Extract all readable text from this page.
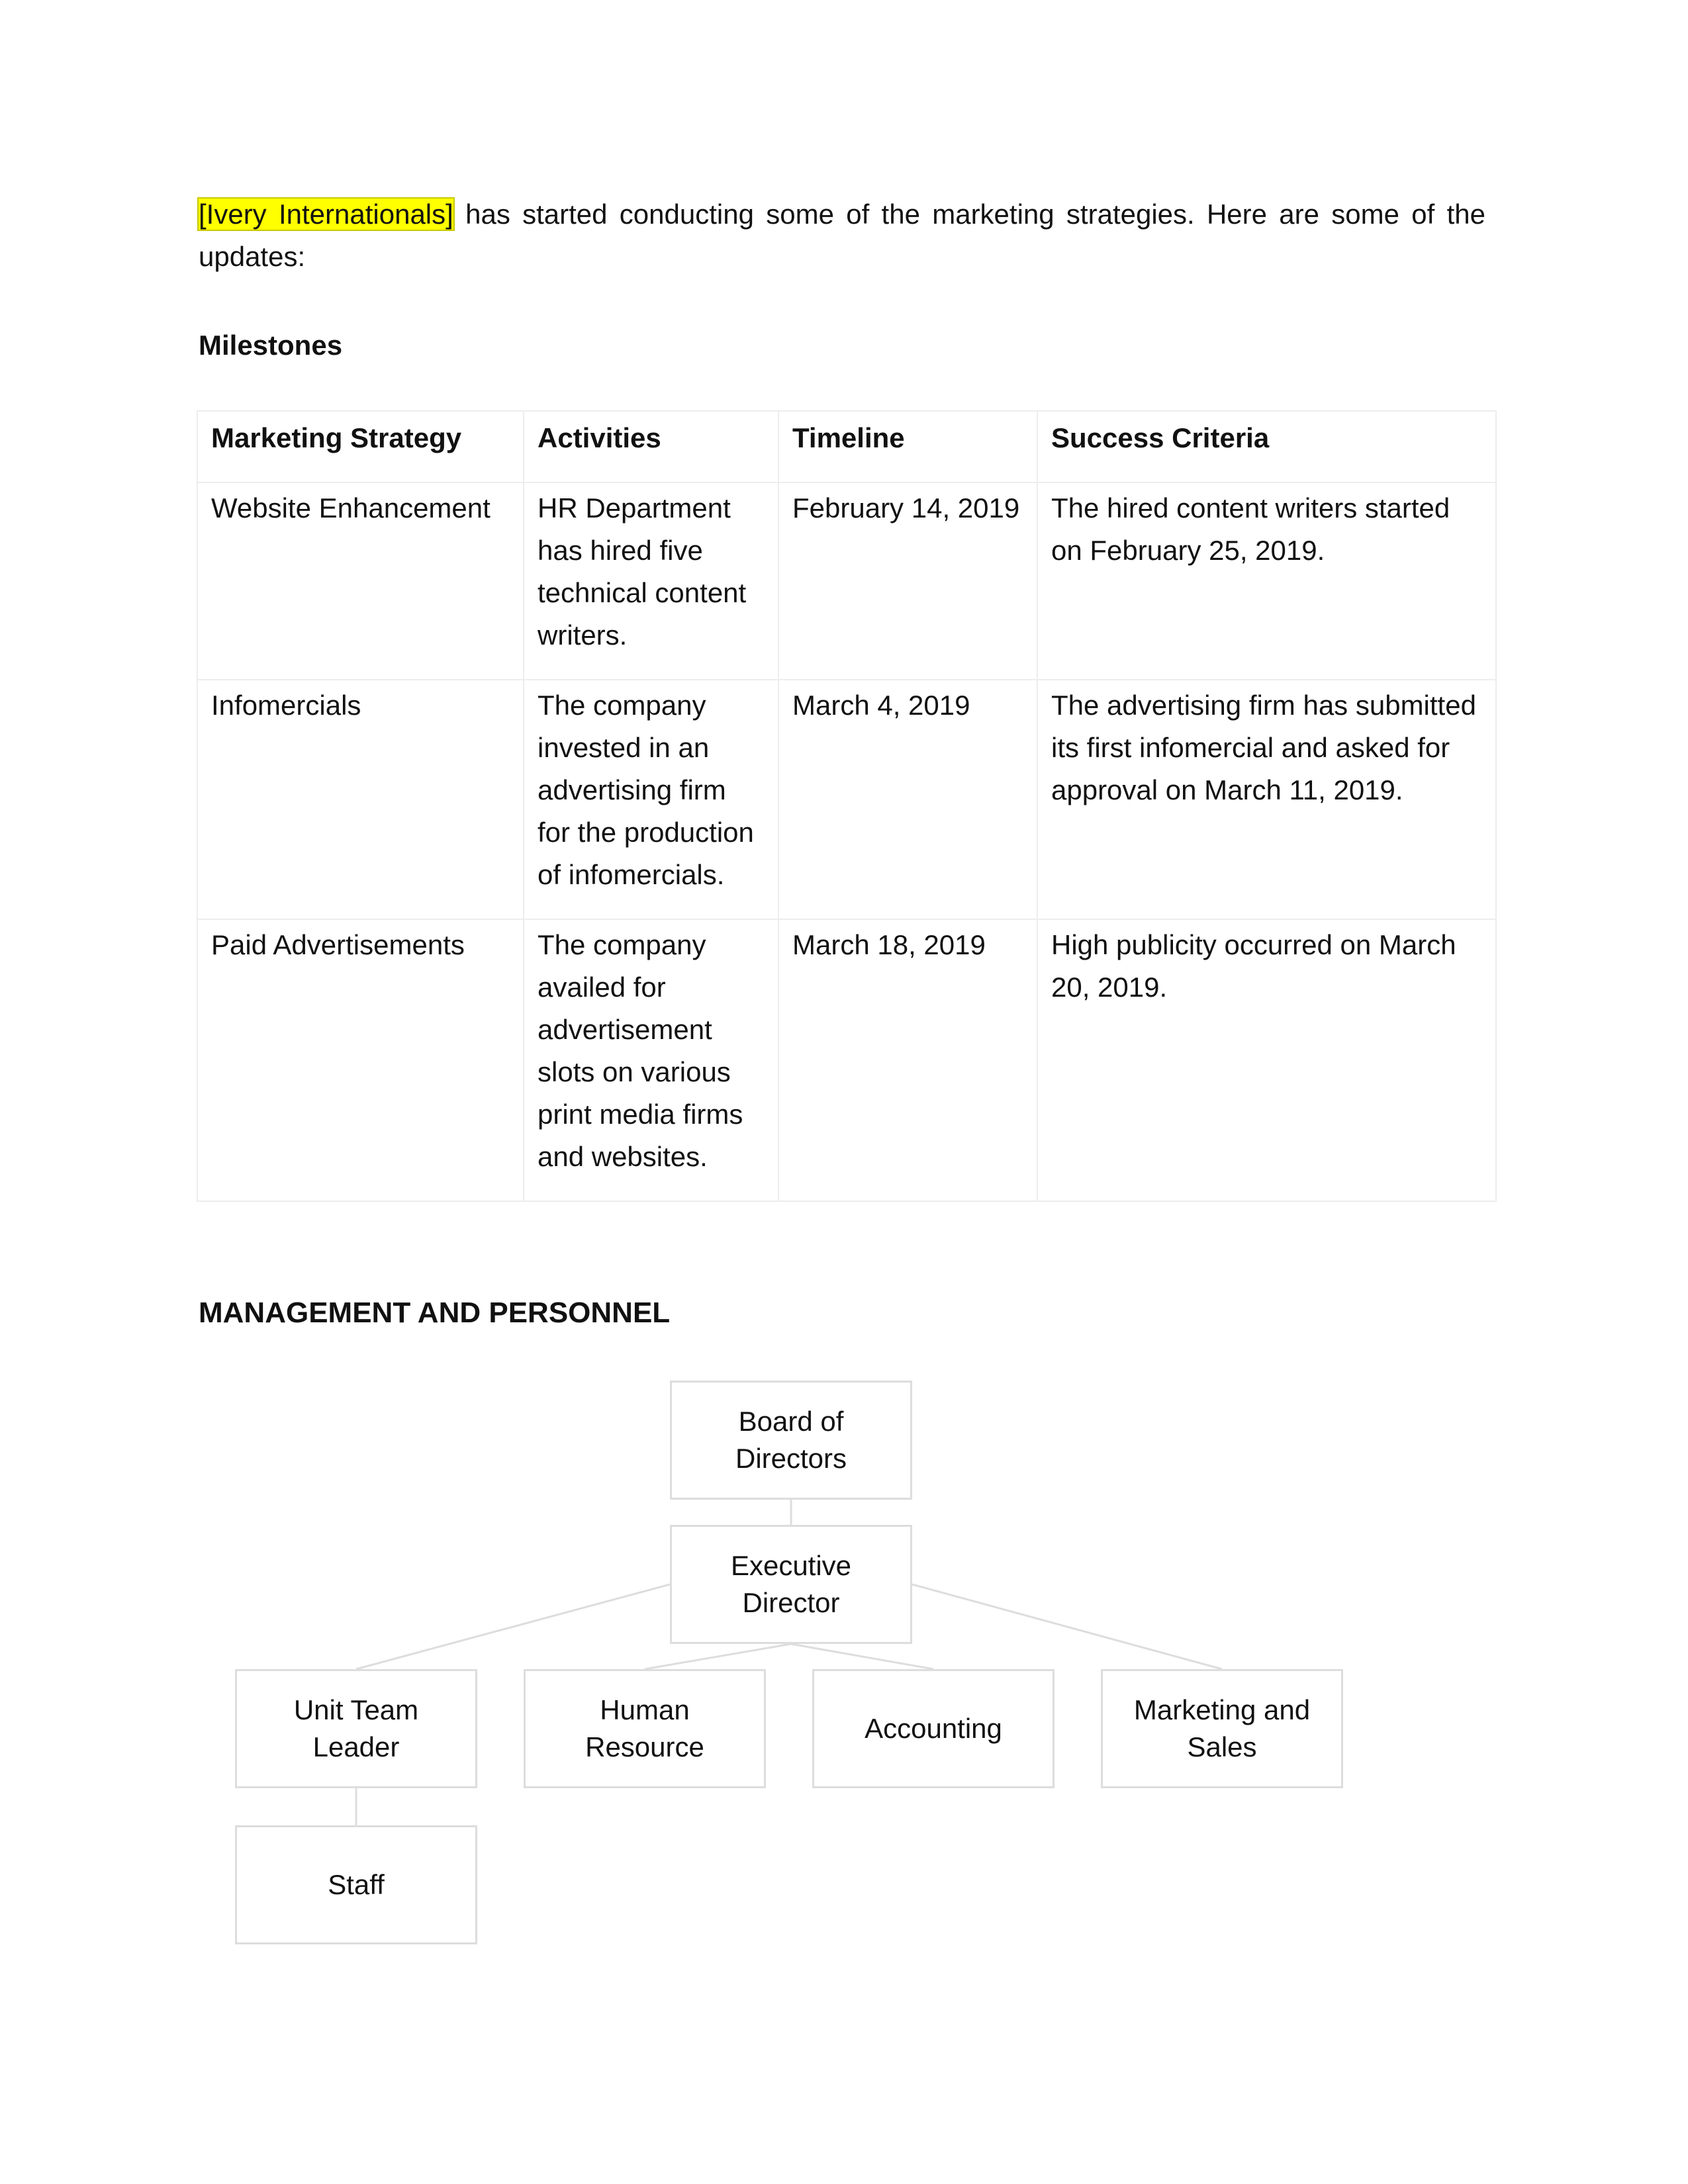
[Ivery Internationals] has started conducting some of the marketing strategies. Here are some of the updates:

Milestones
Marketing Strategy	Activities	Timeline	Success Criteria
Website Enhancement	HR Department has hired five technical content writers.	February 14, 2019	The hired content writers started on February 25, 2019.
Infomercials	The company invested in an advertising firm for the production of infomercials.	March 4, 2019	The advertising firm has submitted its first infomercial and asked for approval on March 11, 2019.
Paid Advertisements	The company availed for advertisement slots on various print media firms and websites.	March 18, 2019	High publicity occurred on March 20, 2019.
MANAGEMENT AND PERSONNEL
Board of Directors
Executive Director
Unit Team Leader
Human Resource
Accounting
Marketing and Sales
Staff
